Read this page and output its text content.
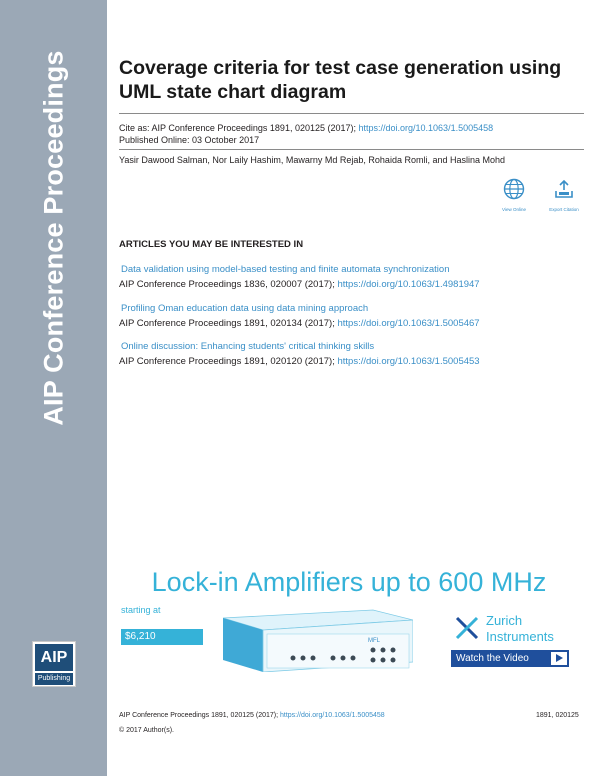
AIP Conference Proceedings
AIP
Publishing
Coverage criteria for test case generation using UML state chart diagram
Cite as: AIP Conference Proceedings 1891, 020125 (2017); https://doi.org/10.1063/1.5005458
Published Online: 03 October 2017
Yasir Dawood Salman, Nor Laily Hashim, Mawarny Md Rejab, Rohaida Romli, and Haslina Mohd
View Online	Export Citation
ARTICLES YOU MAY BE INTERESTED IN
Data validation using model-based testing and finite automata synchronization
AIP Conference Proceedings 1836, 020007 (2017); https://doi.org/10.1063/1.4981947
Profiling Oman education data using data mining approach
AIP Conference Proceedings 1891, 020134 (2017); https://doi.org/10.1063/1.5005467
Online discussion: Enhancing students' critical thinking skills
AIP Conference Proceedings 1891, 020120 (2017); https://doi.org/10.1063/1.5005453
Lock-in Amplifiers up to 600 MHz
starting at
$6,210	MFL
Zurich
Instruments
Watch the Video
AIP Conference Proceedings 1891, 020125 (2017); https://doi.org/10.1063/1.5005458	1891, 020125
© 2017 Author(s).
